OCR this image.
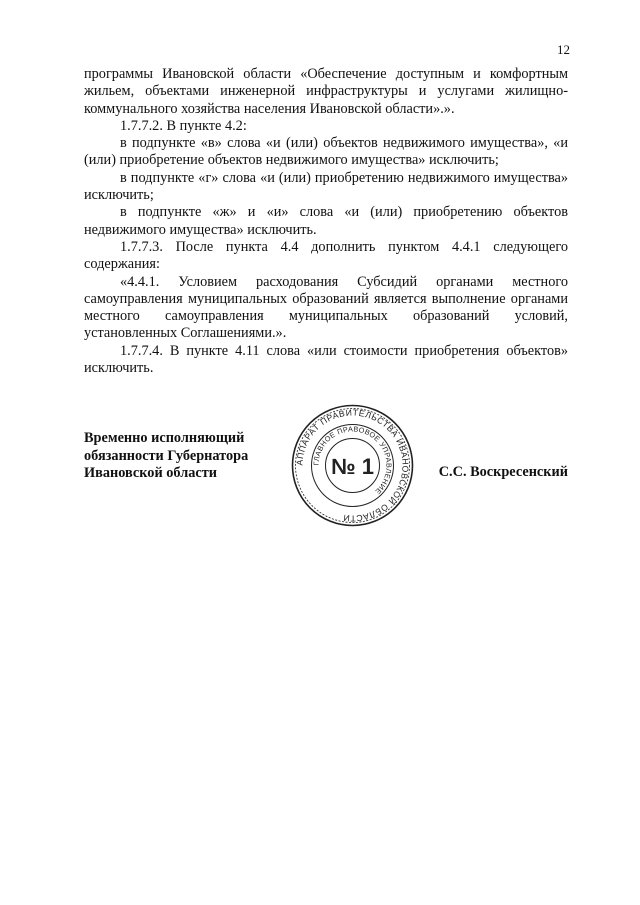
12

программы Ивановской области «Обеспечение доступным и комфортным жильем, объектами инженерной инфраструктуры и услугами жилищно-коммунального хозяйства населения Ивановской области».».

1.7.7.2. В пункте 4.2:

в подпункте «в» слова «и (или) объектов недвижимого имущества», «и (или) приобретение объектов недвижимого имущества» исключить;

в подпункте «г» слова «и (или) приобретению недвижимого имущества» исключить;

в подпункте «ж» и «и» слова «и (или) приобретению объектов недвижимого имущества» исключить.

1.7.7.3. После пункта 4.4 дополнить пунктом 4.4.1 следующего содержания:

«4.4.1. Условием расходования Субсидий органами местного самоуправления муниципальных образований является выполнение органами местного самоуправления муниципальных образований условий, установленных Соглашениями.».

1.7.7.4. В пункте 4.11 слова «или стоимости приобретения объектов» исключить.

Временно исполняющий
обязанности Губернатора
Ивановской области	С.С. Воскресенский
АППАРАТ ПРАВИТЕЛЬСТВА ИВАНОВСКОЙ ОБЛАСТИ
ГЛАВНОЕ ПРАВОВОЕ УПРАВЛЕНИЕ
№ 1
